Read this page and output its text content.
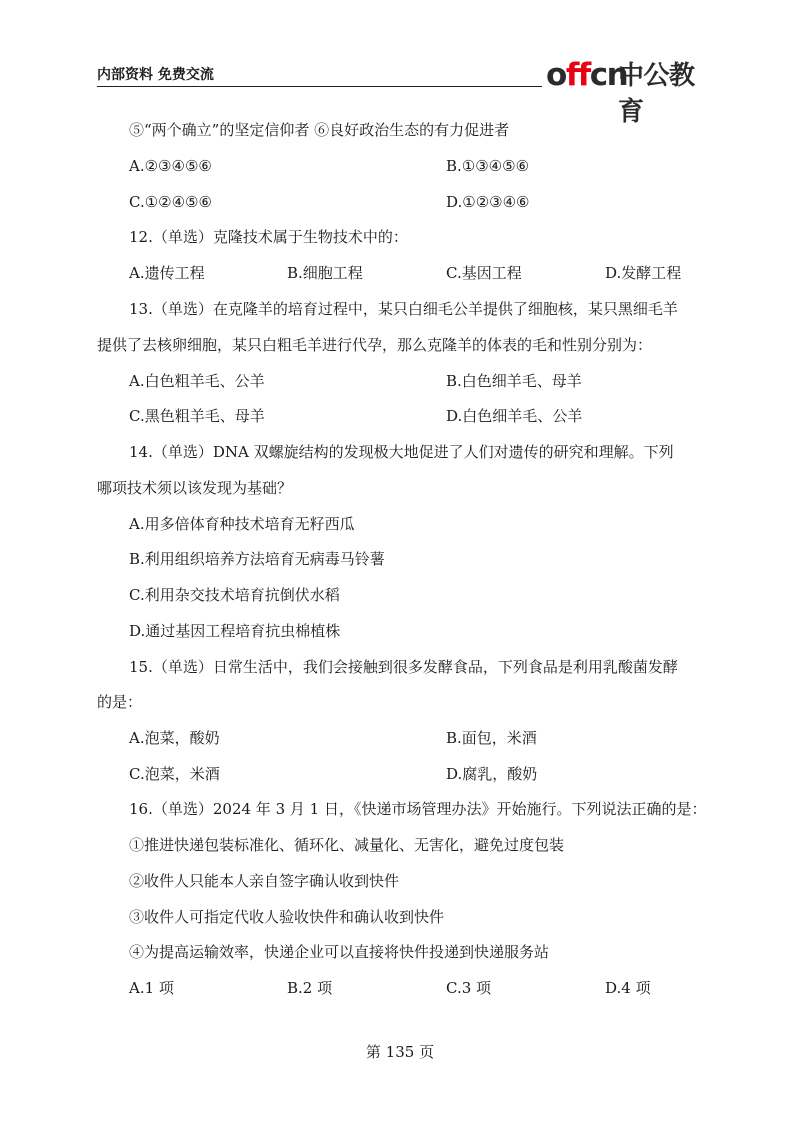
内部资料 免费交流	offcn
中公教育
⑤“两个确立”的坚定信仰者 ⑥良好政治生态的有力促进者
A.②③④⑤⑥	B.①③④⑤⑥
C.①②④⑤⑥	D.①②③④⑥
12.（单选）克隆技术属于生物技术中的：
A.遗传工程	B.细胞工程	C.基因工程	D.发酵工程
13.（单选）在克隆羊的培育过程中，某只白细毛公羊提供了细胞核，某只黑细毛羊
提供了去核卵细胞，某只白粗毛羊进行代孕，那么克隆羊的体表的毛和性别分别为：
A.白色粗羊毛、公羊	B.白色细羊毛、母羊
C.黑色粗羊毛、母羊	D.白色细羊毛、公羊
14.（单选）DNA 双螺旋结构的发现极大地促进了人们对遗传的研究和理解。下列
哪项技术须以该发现为基础？
A.用多倍体育种技术培育无籽西瓜
B.利用组织培养方法培育无病毒马铃薯
C.利用杂交技术培育抗倒伏水稻
D.通过基因工程培育抗虫棉植株
15.（单选）日常生活中，我们会接触到很多发酵食品，下列食品是利用乳酸菌发酵
的是：
A.泡菜，酸奶	B.面包，米酒
C.泡菜，米酒	D.腐乳，酸奶
16.（单选）2024 年 3 月 1 日，《快递市场管理办法》开始施行。下列说法正确的是：
①推进快递包装标准化、循环化、减量化、无害化，避免过度包装
②收件人只能本人亲自签字确认收到快件
③收件人可指定代收人验收快件和确认收到快件
④为提高运输效率，快递企业可以直接将快件投递到快递服务站
A.1 项	B.2 项	C.3 项	D.4 项
第 135 页
